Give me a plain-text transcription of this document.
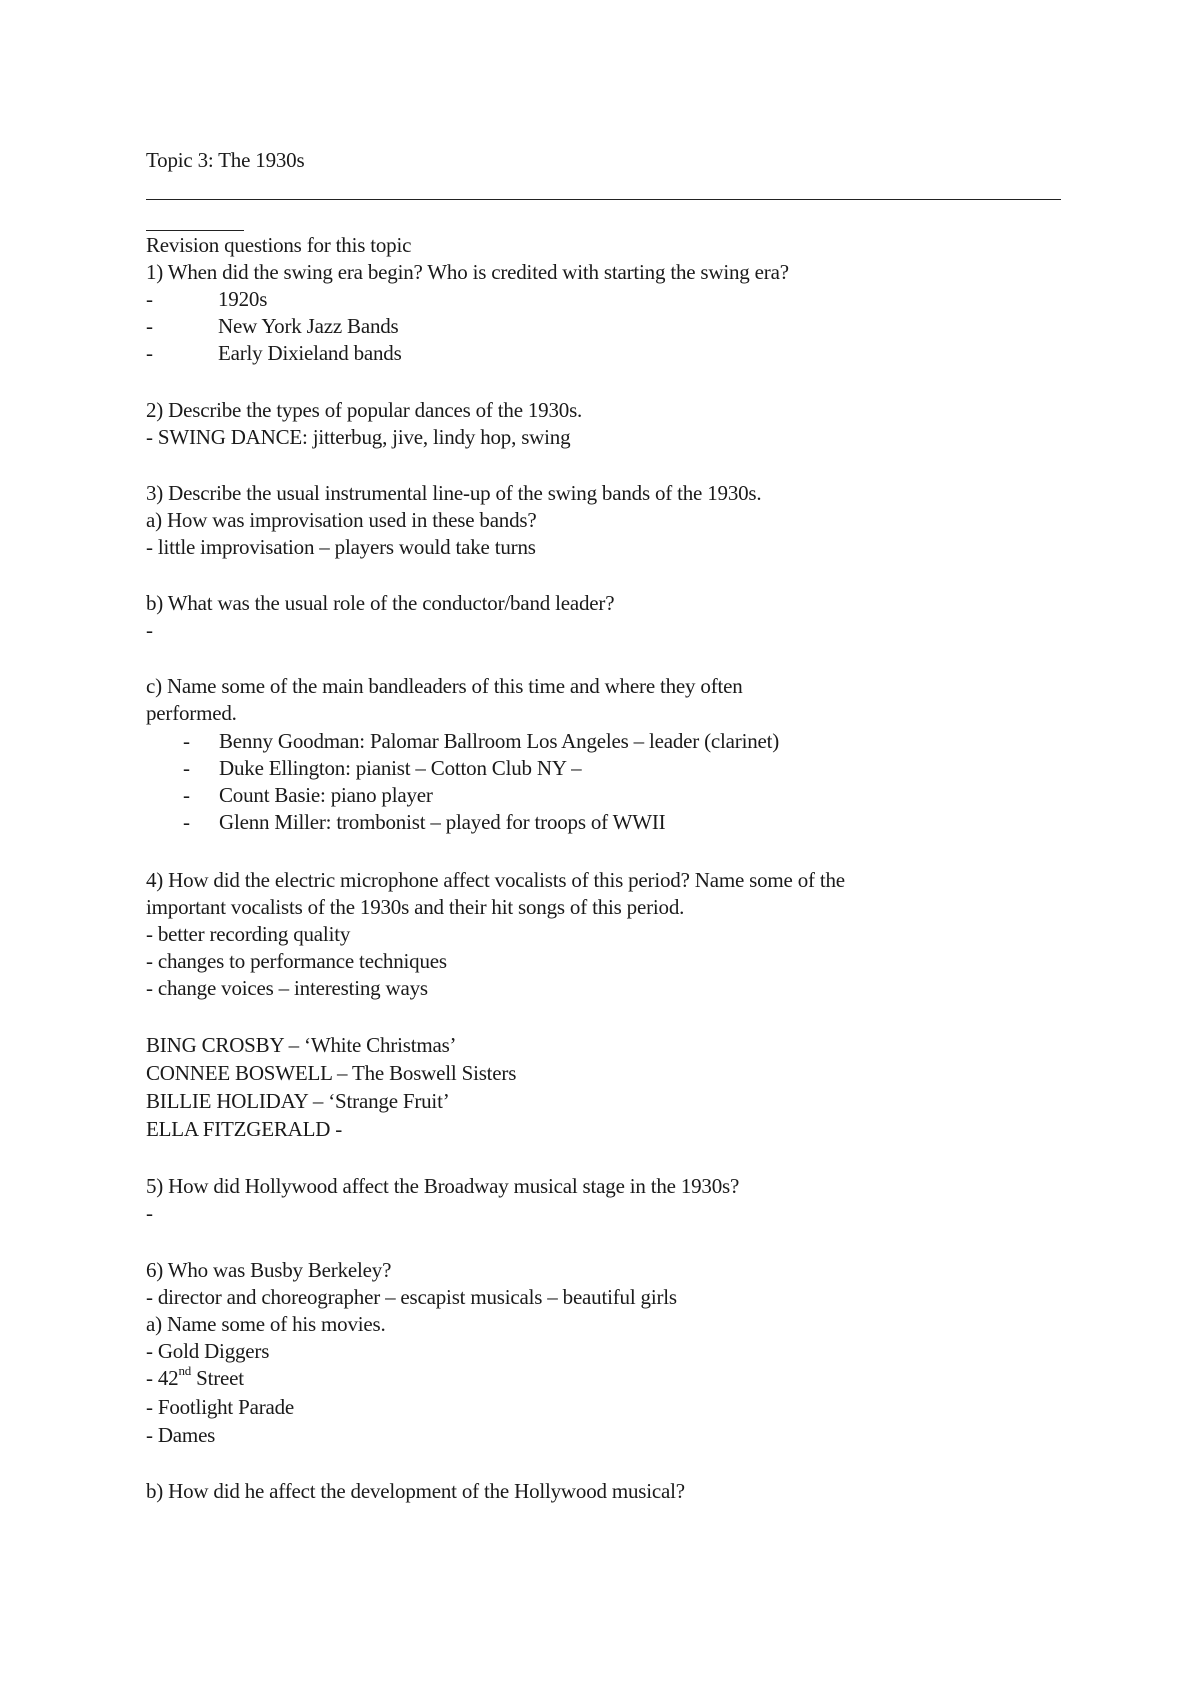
Topic 3: The 1930s
Revision questions for this topic
1) When did the swing era begin? Who is credited with starting the swing era?
-	1920s
-	New York Jazz Bands
-	Early Dixieland bands
2) Describe the types of popular dances of the 1930s.
- SWING DANCE: jitterbug, jive, lindy hop, swing
3) Describe the usual instrumental line-up of the swing bands of the 1930s.
a) How was improvisation used in these bands?
- little improvisation – players would take turns
b) What was the usual role of the conductor/band leader?
-
c) Name some of the main bandleaders of this time and where they often
performed.
- Benny Goodman: Palomar Ballroom Los Angeles – leader (clarinet)
- Duke Ellington: pianist – Cotton Club NY –
- Count Basie: piano player
- Glenn Miller: trombonist – played for troops of WWII
4) How did the electric microphone affect vocalists of this period? Name some of the
important vocalists of the 1930s and their hit songs of this period.
- better recording quality
- changes to performance techniques
- change voices – interesting ways
BING CROSBY – ‘White Christmas’
CONNEE BOSWELL – The Boswell Sisters
BILLIE HOLIDAY – ‘Strange Fruit’
ELLA FITZGERALD -
5) How did Hollywood affect the Broadway musical stage in the 1930s?
-
6) Who was Busby Berkeley?
- director and choreographer – escapist musicals – beautiful girls
a) Name some of his movies.
- Gold Diggers
- 42nd Street
- Footlight Parade
- Dames
b) How did he affect the development of the Hollywood musical?
